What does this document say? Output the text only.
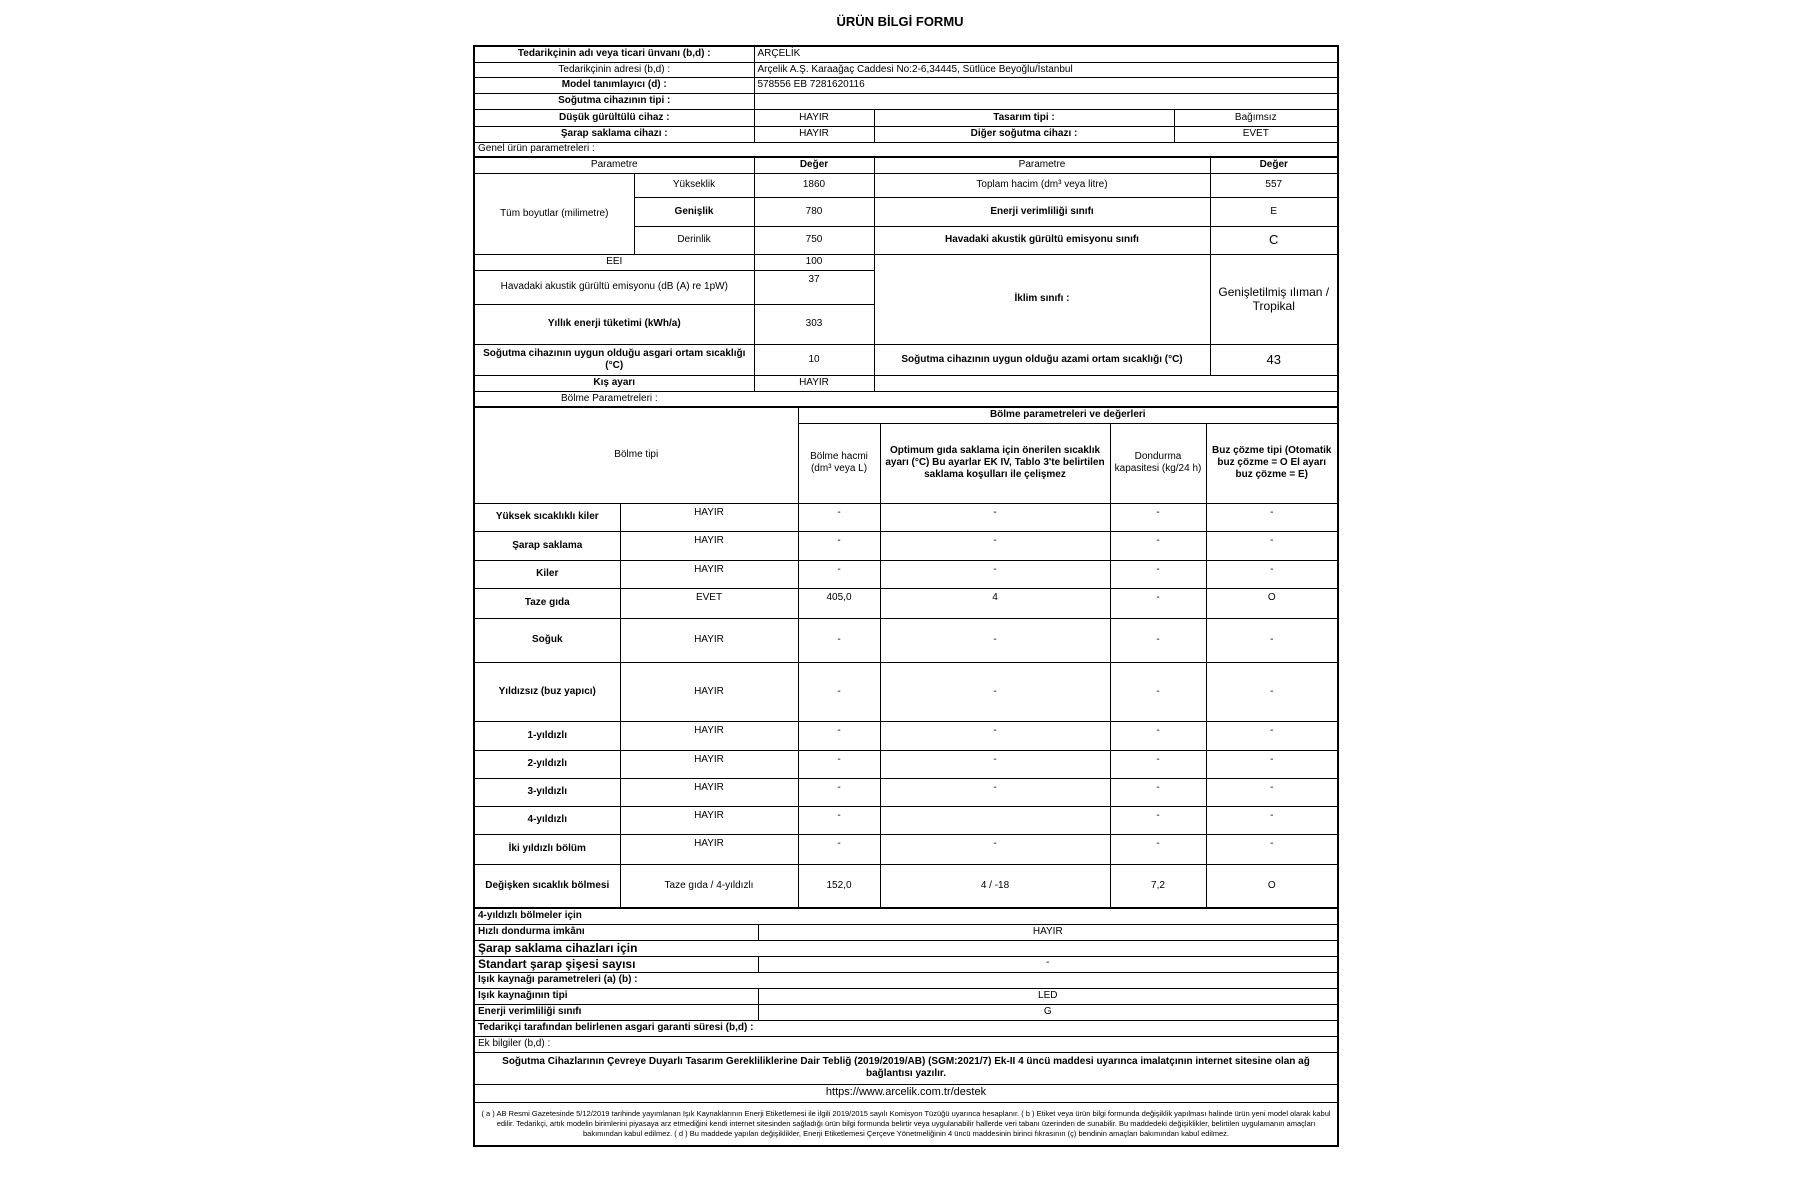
ÜRÜN BİLGİ FORMU
Tedarikçinin adı veya ticari ünvanı (b,d) :	ARÇELİK		
Tedarikçinin adresi (b,d) :	Arçelik A.Ş. Karaağaç Caddesi No:2-6,34445, Sütlüce Beyoğlu/İstanbul		
Model tanımlayıcı (d) :	578556 EB 7281620116		
Soğutma cihazının tipi :			
Düşük gürültülü cihaz :	HAYIR	Tasarım tipi :	Bağımsız
Şarap saklama cihazı :	HAYIR	Diğer soğutma cihazı :	EVET
Genel ürün parametreleri :			
Parametre		Değer	Parametre	Değer
Tüm boyutlar (milimetre)	Yükseklik	1860	Toplam hacim (dm³ veya litre)	557
	Genişlik	780	Enerji verimliliği sınıfı	E
	Derinlik	750	Havadaki akustik gürültü emisyonu sınıfı	C
EEI		100	İklim sınıfı :	Genişletilmiş ılıman / Tropikal
Havadaki akustik gürültü emisyonu (dB (A) re 1pW)		37		
Yıllık enerji tüketimi (kWh/a)		303		
Soğutma cihazının uygun olduğu asgari ortam sıcaklığı (°C)		10	Soğutma cihazının uygun olduğu azami ortam sıcaklığı (°C)	43
Kış ayarı		HAYIR		
Bölme Parametreleri :				
Bölme tipi		Bölme parametreleri ve değerleri			
		Bölme hacmi (dm³ veya L)	Optimum gıda saklama için önerilen sıcaklık ayarı (°C) Bu ayarlar EK IV, Tablo 3'te belirtilen saklama koşulları ile çelişmez	Dondurma kapasitesi (kg/24 h)	Buz çözme tipi (Otomatik buz çözme = O El ayarı buz çözme = E)
Yüksek sıcaklıklı kiler	HAYIR	-	-	-	-
Şarap saklama	HAYIR	-	-	-	-
Kiler	HAYIR	-	-	-	-
Taze gıda	EVET	405,0	4	-	O
Soğuk	HAYIR	-	-	-	-
Yıldızsız (buz yapıcı)	HAYIR	-	-	-	-
1-yıldızlı	HAYIR	-	-	-	-
2-yıldızlı	HAYIR	-	-	-	-
3-yıldızlı	HAYIR	-	-	-	-
4-yıldızlı	HAYIR	-		-	-
İki yıldızlı bölüm	HAYIR	-	-	-	-
Değişken sıcaklık bölmesi	Taze gıda / 4-yıldızlı	152,0	4 / -18	7,2	O
4-yıldızlı bölmeler için	
Hızlı dondurma imkânı	HAYIR
Şarap saklama cihazları için	
Standart şarap şişesi sayısı	-
Işık kaynağı parametreleri (a) (b) :	
Işık kaynağının tipi	LED
Enerji verimliliği sınıfı	G
Tedarikçi tarafından belirlenen asgari garanti süresi (b,d) :	
Ek bilgiler (b,d) :	
Soğutma Cihazlarının Çevreye Duyarlı Tasarım Gerekliliklerine Dair Tebliğ (2019/2019/AB) (SGM:2021/7) Ek-II 4 üncü maddesi uyarınca imalatçının internet sitesine olan ağ bağlantısı yazılır.	
https://www.arcelik.com.tr/destek	
( a ) AB Resmi Gazetesinde 5/12/2019 tarihinde yayımlanan Işık Kaynaklarının Enerji Etiketlemesi ile ilgili 2019/2015 sayılı Komisyon Tüzüğü uyarınca hesaplanır. ( b ) Etiket veya ürün bilgi formunda değişiklik yapılması halinde ürün yeni model olarak kabul edilir. Tedarikçi, artık modelin birimlerini piyasaya arz etmediğini kendi internet sitesinden sağladığı ürün bilgi formunda belirtir veya uygulanabilir hallerde veri tabanı üzerinden de sunabilir. Bu maddedeki değişiklikler, belirtilen uygulamanın amaçları bakımından kabul edilmez. ( d ) Bu maddede yapılan değişiklikler, Enerji Etiketlemesi Çerçeve Yönetmeliğinin 4 üncü maddesinin birinci fıkrasının (ç) bendinin amaçları bakımından kabul edilmez.	
